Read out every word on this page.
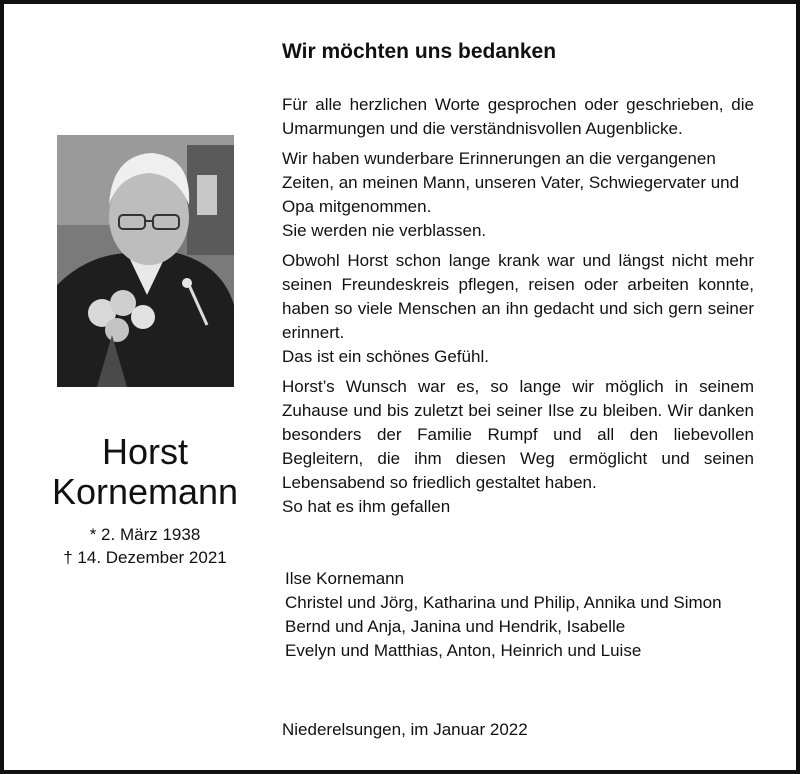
Horst
Kornemann
* 2. März 1938
† 14. Dezember 2021
Wir möchten uns bedanken

Für alle herzlichen Worte gesprochen oder geschrieben, die Umarmungen und die verständnisvollen Augenblicke.

Wir haben wunderbare Erinnerungen an die vergangenen Zeiten, an meinen Mann, unseren Vater, Schwiegervater und Opa mitgenommen.

Sie werden nie verblassen.

Obwohl Horst schon lange krank war und längst nicht mehr seinen Freundeskreis pflegen, reisen oder arbeiten konnte, haben so viele Menschen an ihn gedacht und sich gern seiner erinnert.

Das ist ein schönes Gefühl.

Horst’s Wunsch war es, so lange wir möglich in seinem Zuhause und bis zuletzt bei seiner Ilse zu bleiben. Wir danken besonders der Familie Rumpf und all den liebevollen Begleitern, die ihm diesen Weg ermöglicht und seinen Lebensabend so friedlich gestaltet haben.

So hat es ihm gefallen

Ilse Kornemann
Christel und Jörg, Katharina und Philip, Annika und Simon
Bernd und Anja, Janina und Hendrik, Isabelle
Evelyn und Matthias, Anton, Heinrich und Luise
Niederelsungen, im Januar 2022
